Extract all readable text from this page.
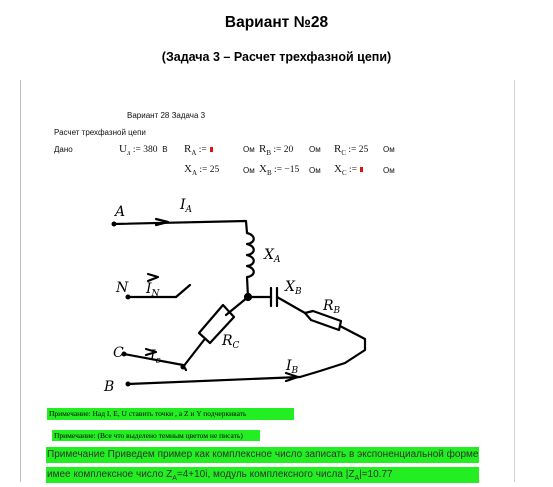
Вариант №28
(Задача 3 – Расчет трехфазной цепи)
Вариант 28 Задача 3
Расчет трехфазной цепи
Дано	$U_л$ := 380 В $R_A$ :=	Ом $R_B$ := 20 Ом $R_C$ := 25 Ом
$X_A$ := 25	Ом $X_B$ := −15 Ом $X_C$ :=	Ом
A	$I_A$
$X_A$
N $I_N$	$X_B$
$R_В$
$R_C$
C $I_c$	$I_B$
B
Примечание: Над I, E, U ставить точки , а Z и Y подчеркивать
Примечание: (Все что выделено темным цветом не писать)
Примечание Приведем пример как комплексное число записать в экспоненциальной форме
имее комплексное число $Z_A=4+10i$, модуль комплексного числа $|Z_A|=10.77$
